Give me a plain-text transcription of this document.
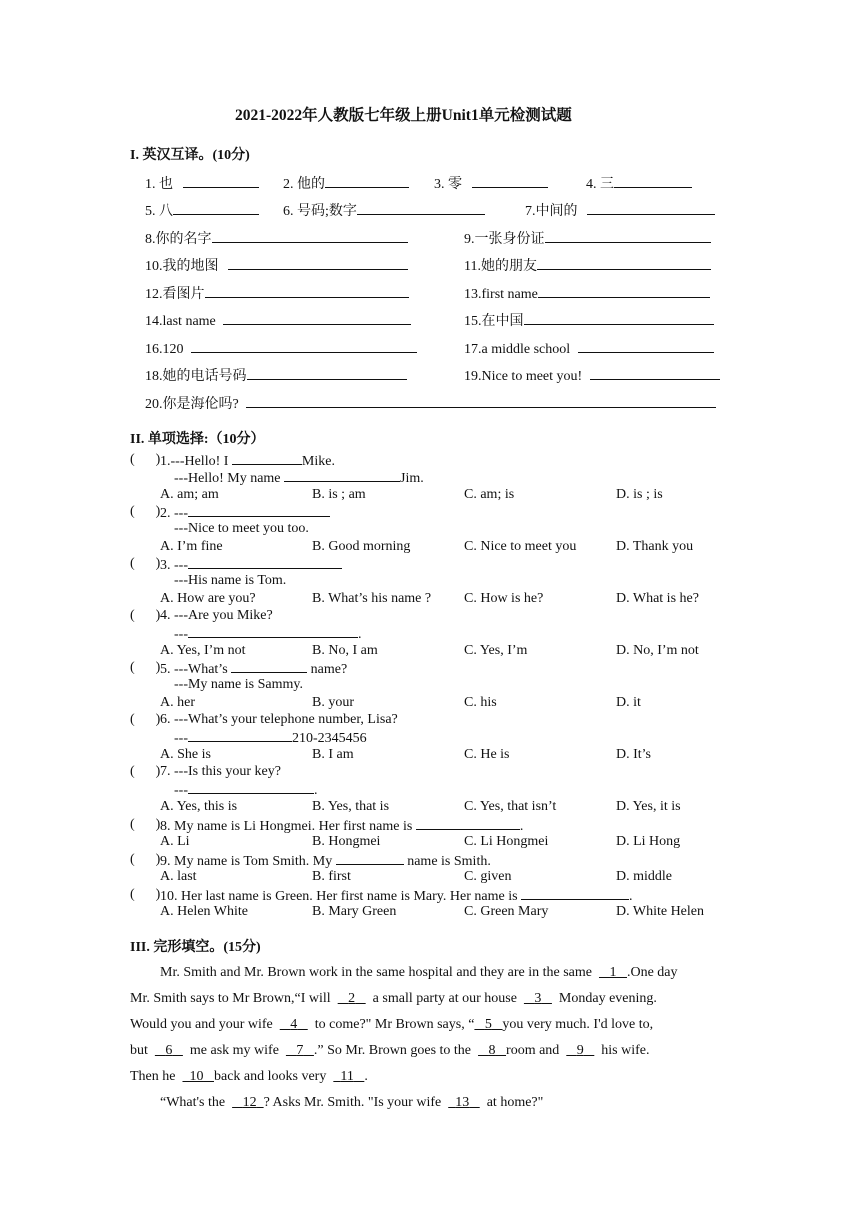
2021-2022年人教版七年级上册Unit1单元检测试题
I. 英汉互译。(10分)
1. 也	2. 他的	3. 零	4. 三
5. 八	6. 号码;数字	7.中间的
8.你的名字	9.一张身份证
10.我的地图	11.她的朋友
12.看图片	13.first name
14.last name	15.在中国
16.120	17.a middle school
18.她的电话号码	19.Nice to meet you!
20.你是海伦吗?
II. 单项选择:（10分）
( ) 1.---Hello! I	Mike.
---Hello! My name	Jim.
A. am; am	B. is ; am	C. am; is	D. is ; is
( ) 2. ---
---Nice to meet you too.
A. I’m fine	B. Good morning	C. Nice to meet you	D. Thank you
( ) 3. ---
---His name is Tom.
A. How are you?	B. What’s his name ? C. How is he?	D. What is he?
( ) 4. ---Are you Mike?
---	.
A. Yes, I’m not	B. No, I am	C. Yes, I’m	D. No, I’m not
( ) 5. ---What’s	name?
---My name is Sammy.
A. her	B. your	C. his	D. it
( ) 6. ---What’s your telephone number, Lisa?
---	210-2345456
A. She is	B. I am	C. He is	D. It’s
( ) 7. ---Is this your key?
---	.
A. Yes, this is	B. Yes, that is	C. Yes, that isn’t	D. Yes, it is
( ) 8. My name is Li Hongmei. Her first name is	.
A. Li	B. Hongmei	C. Li Hongmei	D. Li Hong
( ) 9. My name is Tom Smith. My	name is Smith.
A. last	B. first	C. given	D. middle
( ) 10. Her last name is Green. Her first name is Mary. Her name is	.
A. Helen White	B. Mary Green	C. Green Mary	D. White Helen
III. 完形填空。(15分)
Mr. Smith and Mr. Brown work in the same hospital and they are in the same 1 .One day
Mr. Smith says to Mr Brown,“I will 2 a small party at our house 3 Monday evening.
Would you and your wife 4 to come?" Mr Brown says, “ 5 you very much. I'd love to,
but 6 me ask my wife 7 .” So Mr. Brown goes to the 8 room and 9 his wife.
Then he 10 back and looks very 11 .
“What's the 12 ? Asks Mr. Smith. "Is your wife 13 at home?"
